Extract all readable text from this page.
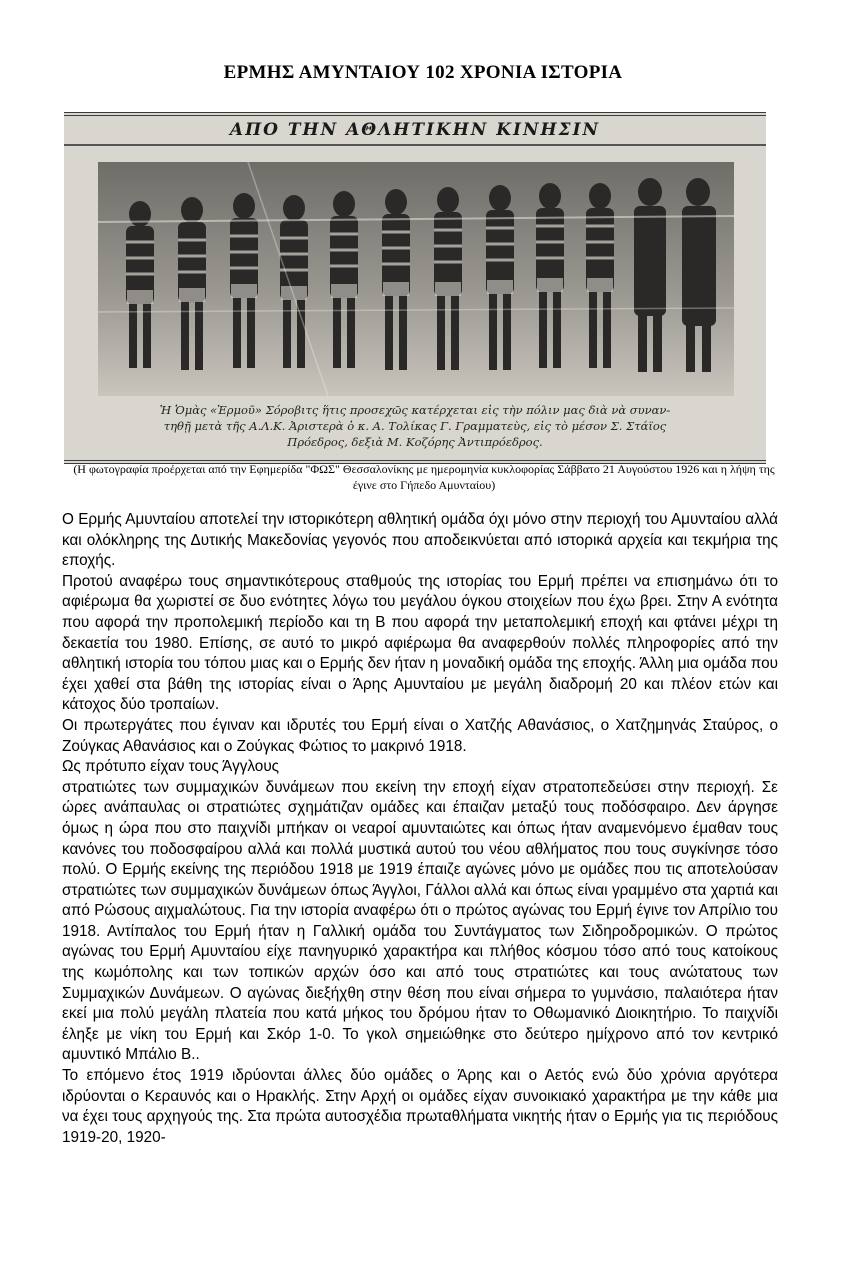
ΕΡΜΗΣ ΑΜΥΝΤΑΙΟΥ 102 ΧΡΟΝΙΑ ΙΣΤΟΡΙΑ
ΑΠΟ ΤΗΝ ΑΘΛΗΤΙΚΗΝ ΚΙΝΗΣΙΝ
Ἡ Ὁμὰς «Ἑρμοῦ» Σόροβιτς ἥτις προσεχῶς κατέρχεται εἰς τὴν πόλιν μας διὰ νὰ συναν-
τηθῇ μετὰ τῆς Α.Λ.Κ. Ἀριστερὰ ὁ κ. Α. Τολίκας Γ. Γραμματεὺς, εἰς τὸ μέσον Σ. Στάϊος
Πρόεδρος, δεξιὰ Μ. Κοζόρης Ἀντιπρόεδρος.
(Η φωτογραφία προέρχεται από την Εφημερίδα "ΦΩΣ" Θεσσαλονίκης με ημερομηνία κυκλοφορίας Σάββατο 21 Αυγούστου 1926 και η λήψη της έγινε στο Γήπεδο Αμυνταίου)

Ο Ερμής Αμυνταίου αποτελεί την ιστορικότερη αθλητική ομάδα όχι μόνο στην περιοχή του Αμυνταίου αλλά και ολόκληρης της Δυτικής Μακεδονίας γεγονός που αποδεικνύεται από ιστορικά αρχεία και τεκμήρια της εποχής.

Προτού αναφέρω τους σημαντικότερους σταθμούς της ιστορίας του Ερμή πρέπει να επισημάνω ότι το αφιέρωμα θα χωριστεί σε δυο ενότητες λόγω του μεγάλου όγκου στοιχείων που έχω βρει. Στην Α ενότητα που αφορά την προπολεμική περίοδο και τη Β που αφορά την μεταπολεμική εποχή και φτάνει μέχρι τη δεκαετία του 1980. Επίσης, σε αυτό το μικρό αφιέρωμα θα αναφερθούν πολλές πληροφορίες από την αθλητική ιστορία του τόπου μιας και ο Ερμής δεν ήταν η μοναδική ομάδα της εποχής. Άλλη μια ομάδα που έχει χαθεί στα βάθη της ιστορίας είναι ο Άρης Αμυνταίου με μεγάλη διαδρομή 20 και πλέον ετών και κάτοχος δύο τροπαίων.

Οι πρωτεργάτες που έγιναν και ιδρυτές του Ερμή είναι ο Χατζής Αθανάσιος, ο Χατζημηνάς Σταύρος, ο Ζούγκας Αθανάσιος και ο Ζούγκας Φώτιος το μακρινό 1918.

Ως πρότυπο είχαν τους Άγγλους

στρατιώτες των συμμαχικών δυνάμεων που εκείνη την εποχή είχαν στρατοπεδεύσει στην περιοχή. Σε ώρες ανάπαυλας οι στρατιώτες σχημάτιζαν ομάδες και έπαιζαν μεταξύ τους ποδόσφαιρο. Δεν άργησε όμως η ώρα που στο παιχνίδι μπήκαν οι νεαροί αμυνταιώτες και όπως ήταν αναμενόμενο έμαθαν τους κανόνες του ποδοσφαίρου αλλά και πολλά μυστικά αυτού του νέου αθλήματος που τους συγκίνησε τόσο πολύ. Ο Ερμής εκείνης της περιόδου 1918 με 1919 έπαιζε αγώνες μόνο με ομάδες που τις αποτελούσαν στρατιώτες των συμμαχικών δυνάμεων όπως Άγγλοι, Γάλλοι αλλά και όπως είναι γραμμένο στα χαρτιά και από Ρώσους αιχμαλώτους. Για την ιστορία αναφέρω ότι ο πρώτος αγώνας του Ερμή έγινε τον Απρίλιο του 1918. Αντίπαλος του Ερμή ήταν η Γαλλική ομάδα του Συντάγματος των Σιδηροδρομικών. Ο πρώτος αγώνας του Ερμή Αμυνταίου είχε πανηγυρικό χαρακτήρα και πλήθος κόσμου τόσο από τους κατοίκους της κωμόπολης και των τοπικών αρχών όσο και από τους στρατιώτες και τους ανώτατους των Συμμαχικών Δυνάμεων. Ο αγώνας διεξήχθη στην θέση που είναι σήμερα το γυμνάσιο, παλαιότερα ήταν εκεί μια πολύ μεγάλη πλατεία που κατά μήκος του δρόμου ήταν το Οθωμανικό Διοικητήριο. Το παιχνίδι έληξε με νίκη του Ερμή και Σκόρ 1-0. Το γκολ σημειώθηκε στο δεύτερο ημίχρονο από τον κεντρικό αμυντικό Μπάλιο Β..

Το επόμενο έτος 1919 ιδρύονται άλλες δύο ομάδες ο Άρης και ο Αετός ενώ δύο χρόνια αργότερα ιδρύονται ο Κεραυνός και ο Ηρακλής. Στην Αρχή οι ομάδες είχαν συνοικιακό χαρακτήρα με την κάθε μια να έχει τους αρχηγούς της. Στα πρώτα αυτοσχέδια πρωταθλήματα νικητής ήταν ο Ερμής για τις περιόδους 1919-20, 1920-
